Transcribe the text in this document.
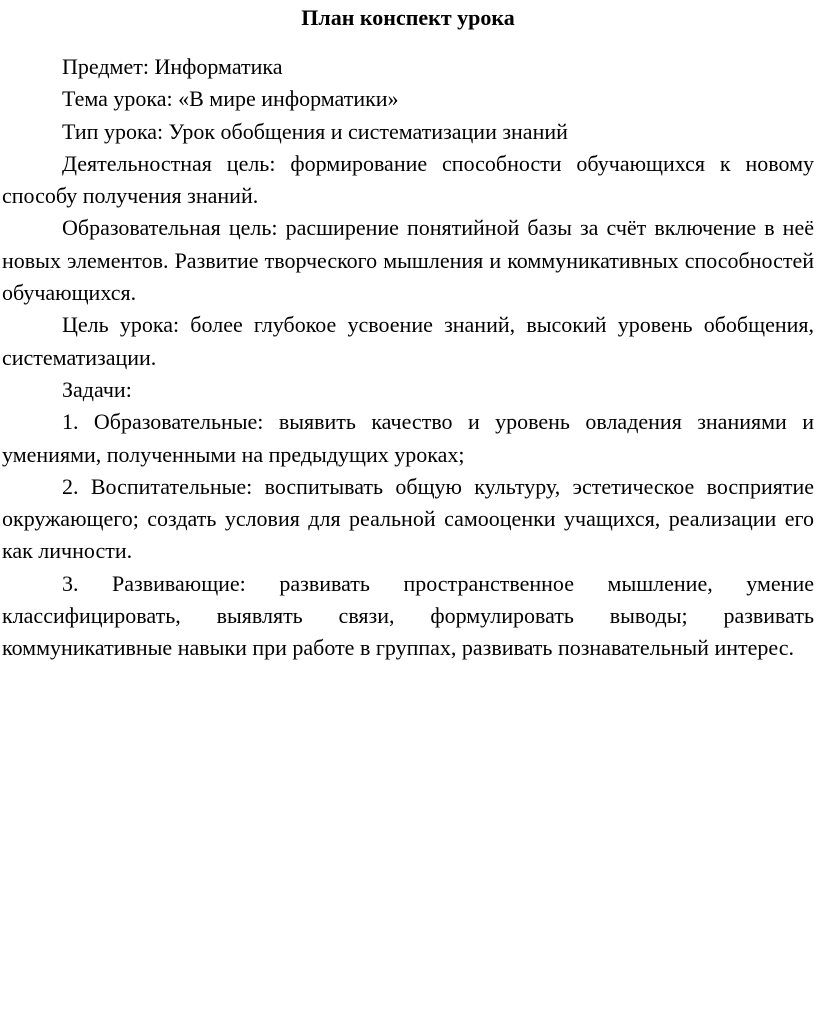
План конспект урока

Предмет: Информатика

Тема урока: «В мире информатики»

Тип урока: Урок обобщения и систематизации знаний

Деятельностная цель: формирование способности обучающихся к новому способу получения знаний.

Образовательная цель: расширение понятийной базы за счёт включение в неё новых элементов. Развитие творческого мышления и коммуникативных способностей обучающихся.

Цель урока: более глубокое усвоение знаний, высокий уровень обобщения, систематизации.

Задачи:

1. Образовательные: выявить качество и уровень овладения знаниями и умениями, полученными на предыдущих уроках;

2. Воспитательные: воспитывать общую культуру, эстетическое восприятие окружающего; создать условия для реальной самооценки учащихся, реализации его как личности.

3. Развивающие: развивать пространственное мышление, умение классифицировать, выявлять связи, формулировать выводы; развивать коммуникативные навыки при работе в группах, развивать познавательный интерес.
